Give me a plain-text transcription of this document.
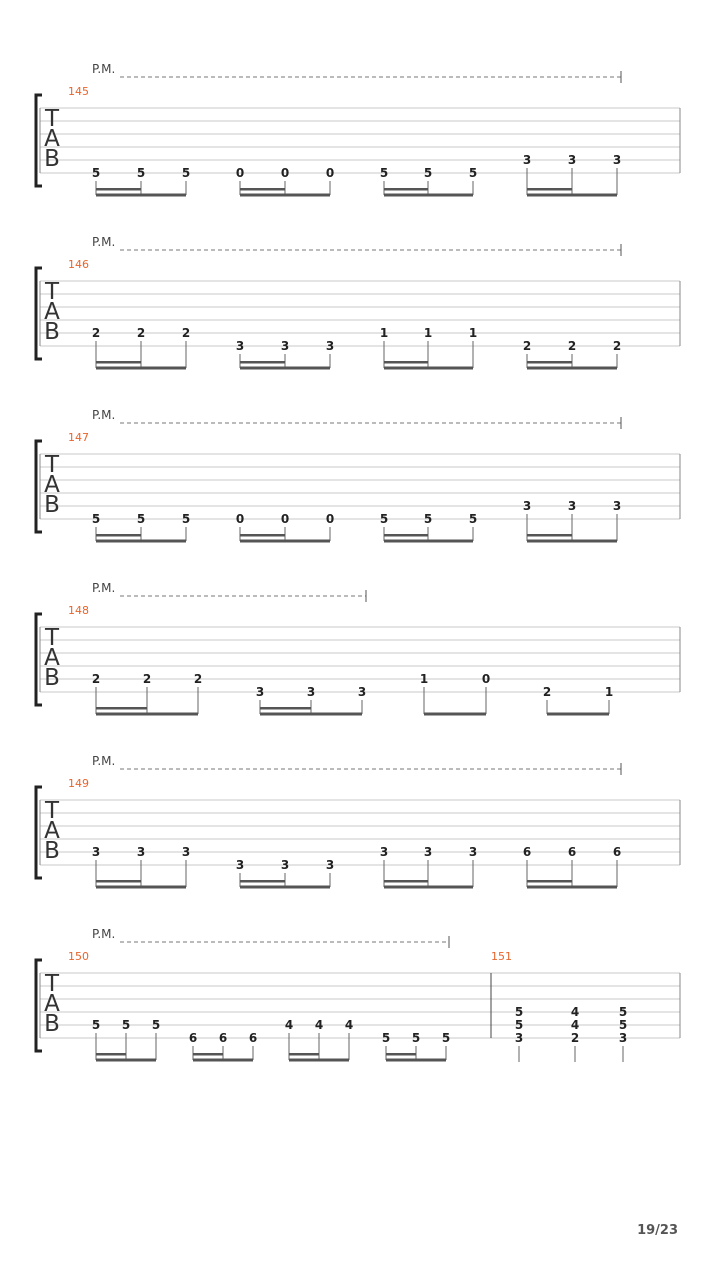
T
A
B
145
P.M.
5	5	5	0	0	0	5	5	5
3	3	3
T
A
B
146
P.M.
2	2	2
3	3	3
1	1	1
2	2	2
T
A
B
147
P.M.
5	5	5	0	0	0	5	5	5
3	3	3
T
A
B
148
P.M.
2	2	2
3	3	3
1	0
2	1
T
A
B
149
P.M.
3	3	3
3	3	3
3	3	3	6	6	6
T
A
B
150
P.M.
5 5 5
6 6 6
4 4 4
5 5 5
151
5
5
3
4
4
2
5
5
3
19/23
